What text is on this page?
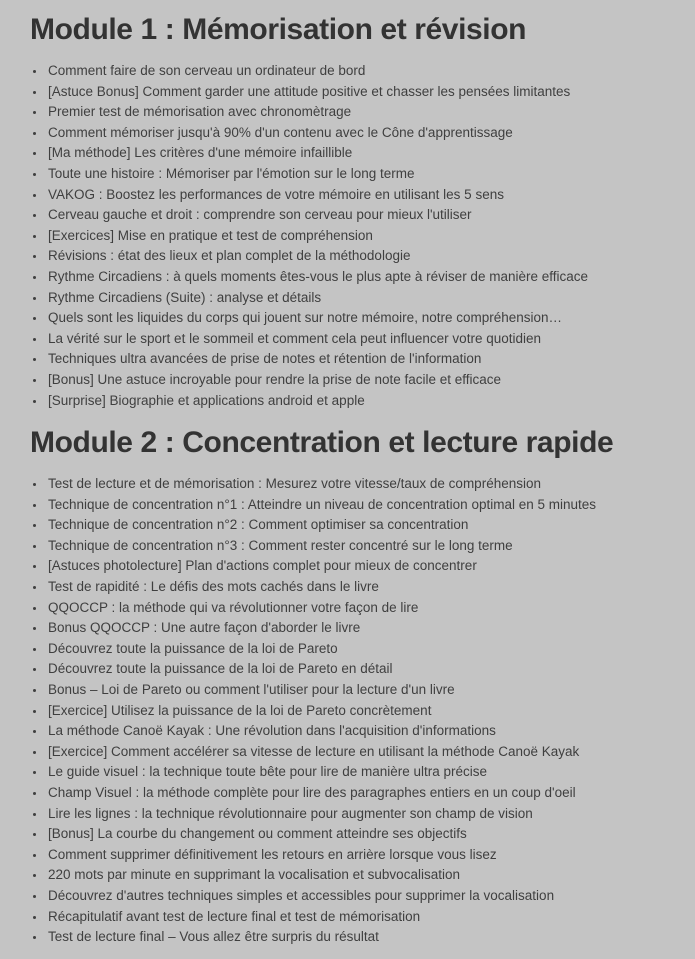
Module 1 : Mémorisation et révision
• Comment faire de son cerveau un ordinateur de bord
• [Astuce Bonus] Comment garder une attitude positive et chasser les pensées limitantes
• Premier test de mémorisation avec chronomètrage
• Comment mémoriser jusqu'à 90% d'un contenu avec le Cône d'apprentissage
• [Ma méthode] Les critères d'une mémoire infaillible
• Toute une histoire : Mémoriser par l'émotion sur le long terme
• VAKOG : Boostez les performances de votre mémoire en utilisant les 5 sens
• Cerveau gauche et droit : comprendre son cerveau pour mieux l'utiliser
• [Exercices] Mise en pratique et test de compréhension
• Révisions : état des lieux et plan complet de la méthodologie
• Rythme Circadiens : à quels moments êtes-vous le plus apte à réviser de manière efficace
• Rythme Circadiens (Suite) : analyse et détails
• Quels sont les liquides du corps qui jouent sur notre mémoire, notre compréhension…
• La vérité sur le sport et le sommeil et comment cela peut influencer votre quotidien
• Techniques ultra avancées de prise de notes et rétention de l'information
• [Bonus] Une astuce incroyable pour rendre la prise de note facile et efficace
• [Surprise] Biographie et applications android et apple
Module 2 : Concentration et lecture rapide
• Test de lecture et de mémorisation : Mesurez votre vitesse/taux de compréhension
• Technique de concentration n°1 : Atteindre un niveau de concentration optimal en 5 minutes
• Technique de concentration n°2 : Comment optimiser sa concentration
• Technique de concentration n°3 : Comment rester concentré sur le long terme
• [Astuces photolecture] Plan d'actions complet pour mieux de concentrer
• Test de rapidité : Le défis des mots cachés dans le livre
• QQOCCP : la méthode qui va révolutionner votre façon de lire
• Bonus QQOCCP : Une autre façon d'aborder le livre
• Découvrez toute la puissance de la loi de Pareto
• Découvrez toute la puissance de la loi de Pareto en détail
• Bonus – Loi de Pareto ou comment l'utiliser pour la lecture d'un livre
• [Exercice] Utilisez la puissance de la loi de Pareto concrètement
• La méthode Canoë Kayak : Une révolution dans l'acquisition d'informations
• [Exercice] Comment accélérer sa vitesse de lecture en utilisant la méthode Canoë Kayak
• Le guide visuel : la technique toute bête pour lire de manière ultra précise
• Champ Visuel : la méthode complète pour lire des paragraphes entiers en un coup d'oeil
• Lire les lignes : la technique révolutionnaire pour augmenter son champ de vision
• [Bonus] La courbe du changement ou comment atteindre ses objectifs
• Comment supprimer définitivement les retours en arrière lorsque vous lisez
• 220 mots par minute en supprimant la vocalisation et subvocalisation
• Découvrez d'autres techniques simples et accessibles pour supprimer la vocalisation
• Récapitulatif avant test de lecture final et test de mémorisation
• Test de lecture final – Vous allez être surpris du résultat
